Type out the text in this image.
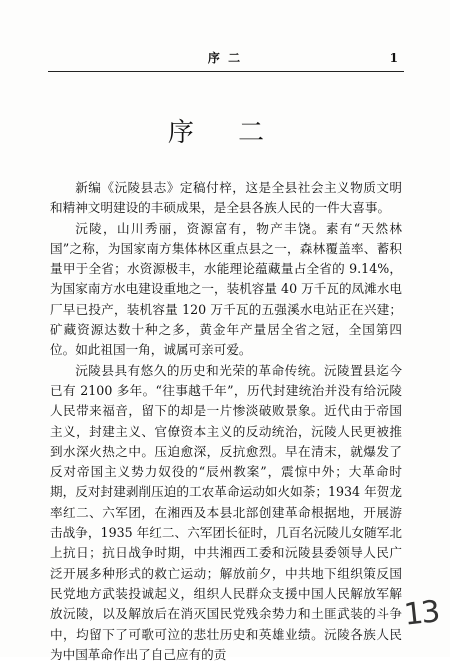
序 二	1
序 二

新编《沅陵县志》定稿付梓，这是全县社会主义物质文明和精神文明建设的丰硕成果，是全县各族人民的一件大喜事。

沅陵，山川秀丽，资源富有，物产丰饶。素有“天然林国”之称，为国家南方集体林区重点县之一，森林覆盖率、蓄积量甲于全省；水资源极丰，水能理论蕴藏量占全省的 9.14%，为国家南方水电建设重地之一，装机容量 40 万千瓦的凤滩水电厂早已投产，装机容量 120 万千瓦的五强溪水电站正在兴建；矿藏资源达数十种之多，黄金年产量居全省之冠，全国第四位。如此祖国一角，诚属可亲可爱。

沅陵县具有悠久的历史和光荣的革命传统。沅陵置县迄今已有 2100 多年。“往事越千年”，历代封建统治并没有给沅陵人民带来福音，留下的却是一片惨淡破败景象。近代由于帝国主义，封建主义、官僚资本主义的反动统治，沅陵人民更被推到水深火热之中。压迫愈深，反抗愈烈。早在清末，就爆发了反对帝国主义势力奴役的“辰州教案”，震惊中外；大革命时期，反对封建剥削压迫的工农革命运动如火如荼；1934 年贺龙率红二、六军团，在湘西及本县北部创建革命根据地，开展游击战争，1935 年红二、六军团长征时，几百名沅陵儿女随军北上抗日；抗日战争时期，中共湘西工委和沅陵县委领导人民广泛开展多种形式的救亡运动；解放前夕，中共地下组织策反国民党地方武装投诚起义，组织人民群众支援中国人民解放军解放沅陵，以及解放后在消灭国民党残余势力和土匪武装的斗争中，均留下了可歌可泣的悲壮历史和英雄业绩。沅陵各族人民为中国革命作出了自己应有的贡

13
